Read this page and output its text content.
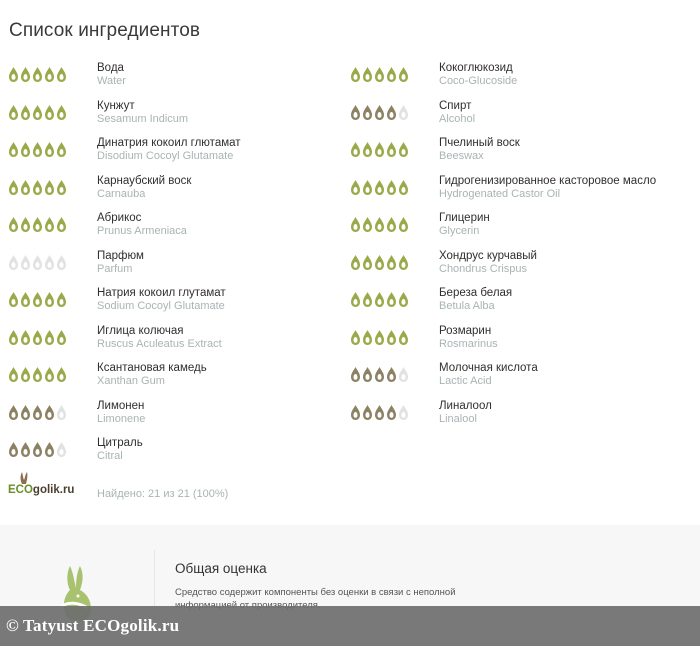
Список ингредиентов
Вода
Water
Кунжут
Sesamum Indicum
Динатрия кокоил глютамат
Disodium Cocoyl Glutamate
Карнаубский воск
Carnauba
Абрикос
Prunus Armeniaca
Парфюм
Parfum
Натрия кокоил глутамат
Sodium Cocoyl Glutamate
Иглица колючая
Ruscus Aculeatus Extract
Ксантановая камедь
Xanthan Gum
Лимонен
Limonene
Цитраль
Citral
Кокоглюкозид
Coco-Glucoside
Спирт
Alcohol
Пчелиный воск
Beeswax
Гидрогенизированное касторовое масло
Hydrogenated Castor Oil
Глицерин
Glycerin
Хондрус курчавый
Chondrus Crispus
Береза белая
Betula Alba
Розмарин
Rosmarinus
Молочная кислота
Lactic Acid
Линалоол
Linalool
ECOgolik.ru Найдено: 21 из 21 (100%)
Общая оценка
Средство содержит компоненты без оценки в связи с неполной
© Tatyust ECOgolik.ru
